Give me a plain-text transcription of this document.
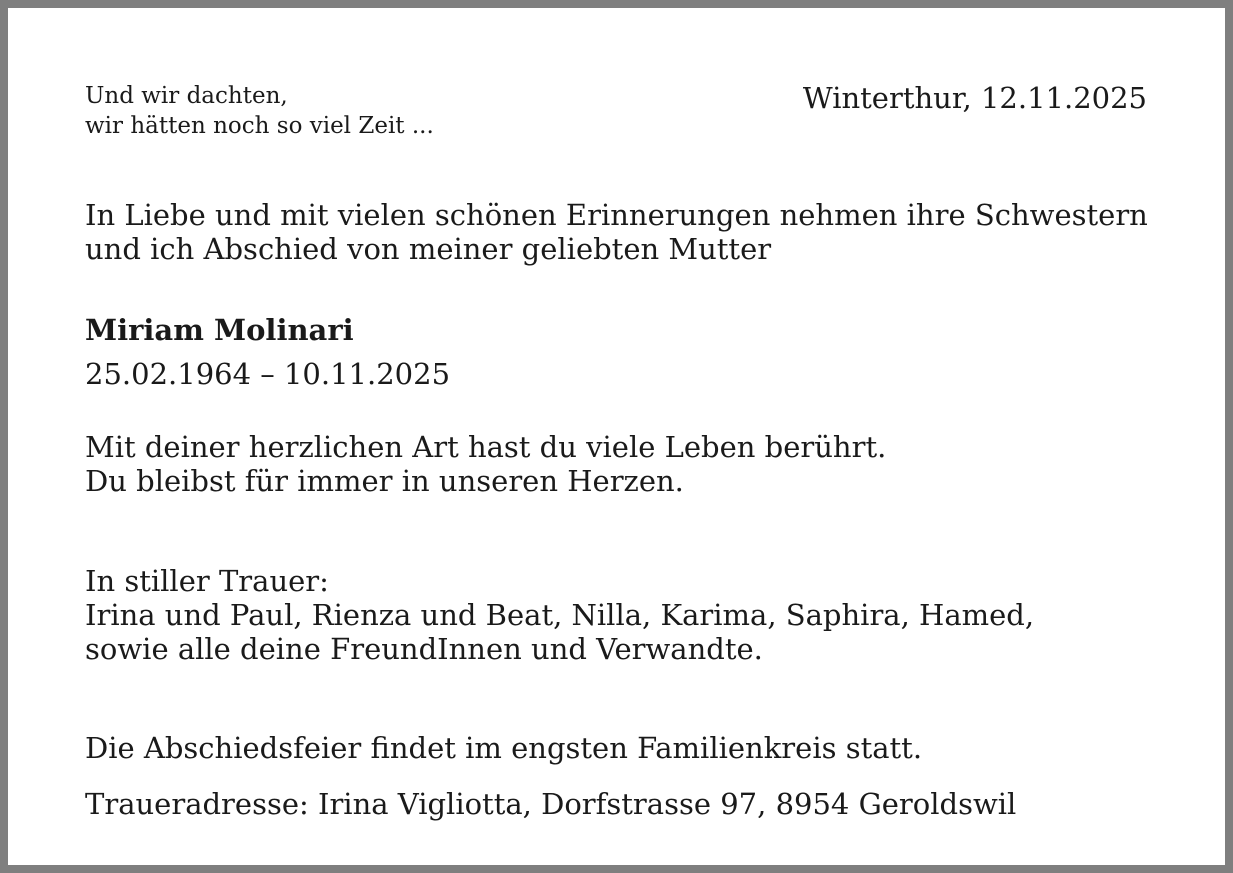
Und wir dachten,
wir hätten noch so viel Zeit ...
Winterthur, 12.11.2025
In Liebe und mit vielen schönen Erinnerungen nehmen ihre Schwestern
und ich Abschied von meiner geliebten Mutter
Miriam Molinari
25.02.1964 – 10.11.2025
Mit deiner herzlichen Art hast du viele Leben berührt.
Du bleibst für immer in unseren Herzen.
In stiller Trauer:
Irina und Paul, Rienza und Beat, Nilla, Karima, Saphira, Hamed,
sowie alle deine FreundInnen und Verwandte.
Die Abschiedsfeier findet im engsten Familienkreis statt.
Traueradresse: Irina Vigliotta, Dorfstrasse 97, 8954 Geroldswil
